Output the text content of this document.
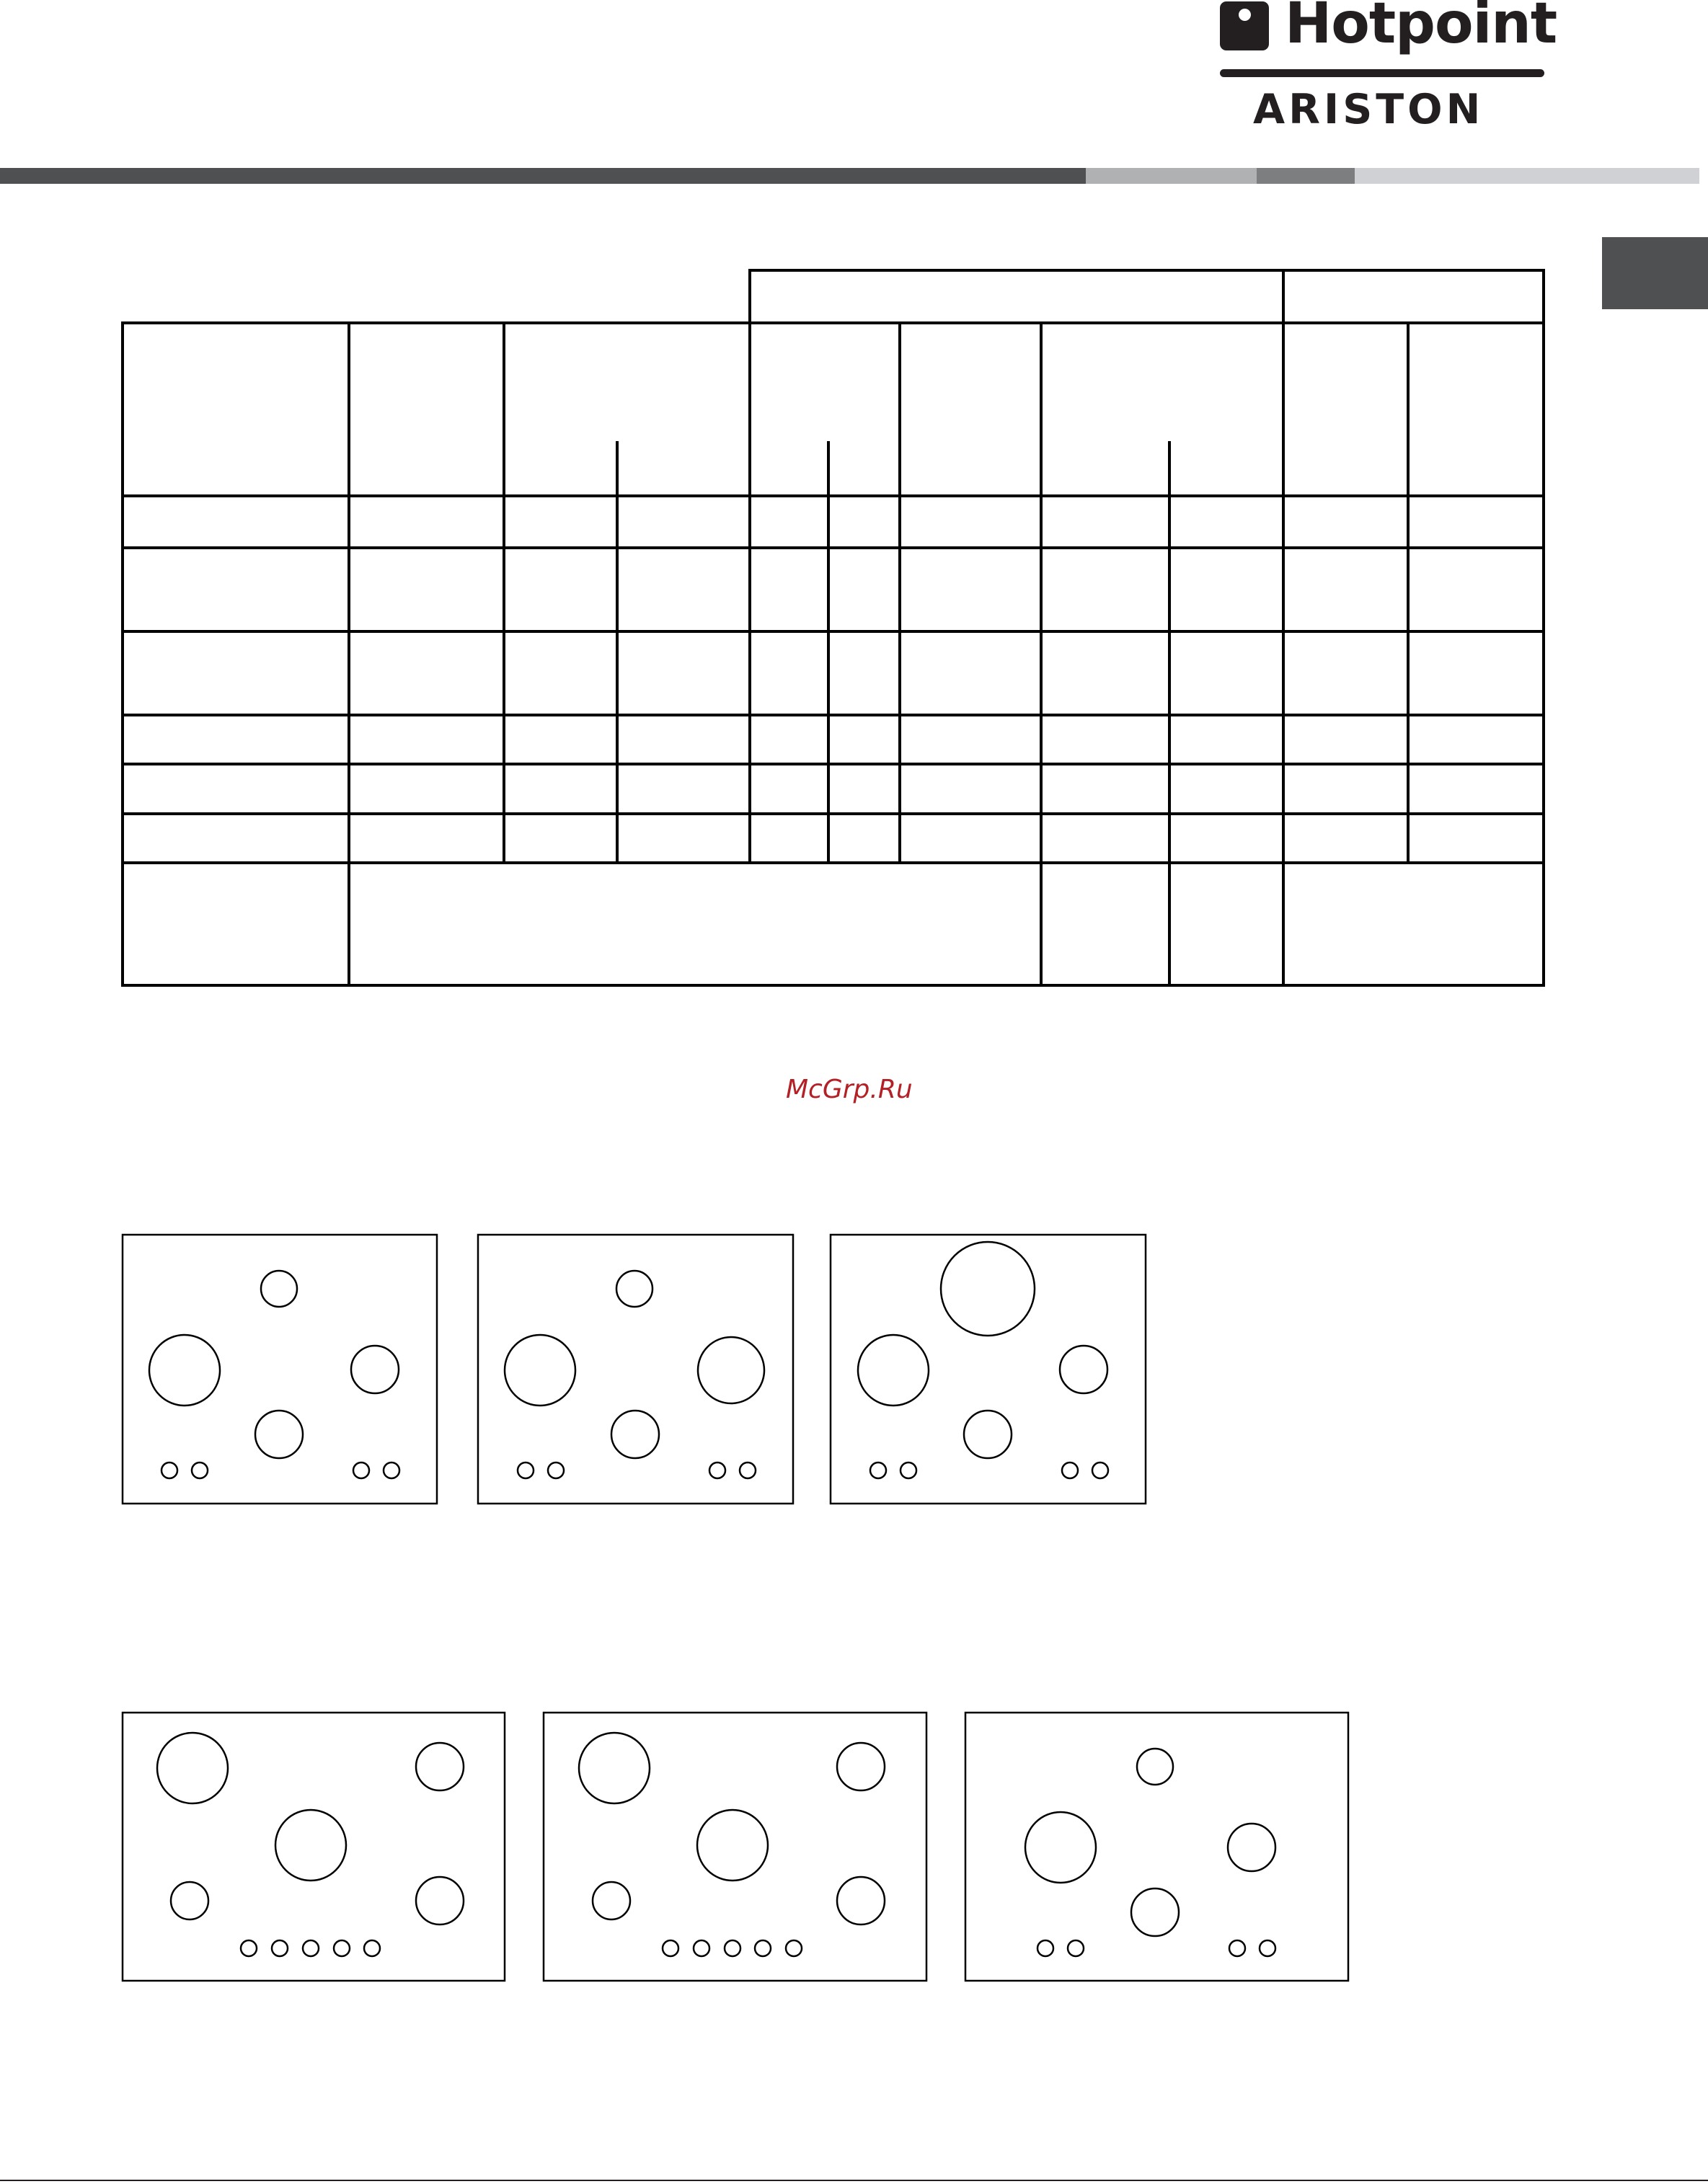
Hotpoint
ARISTON
McGrp.Ru
